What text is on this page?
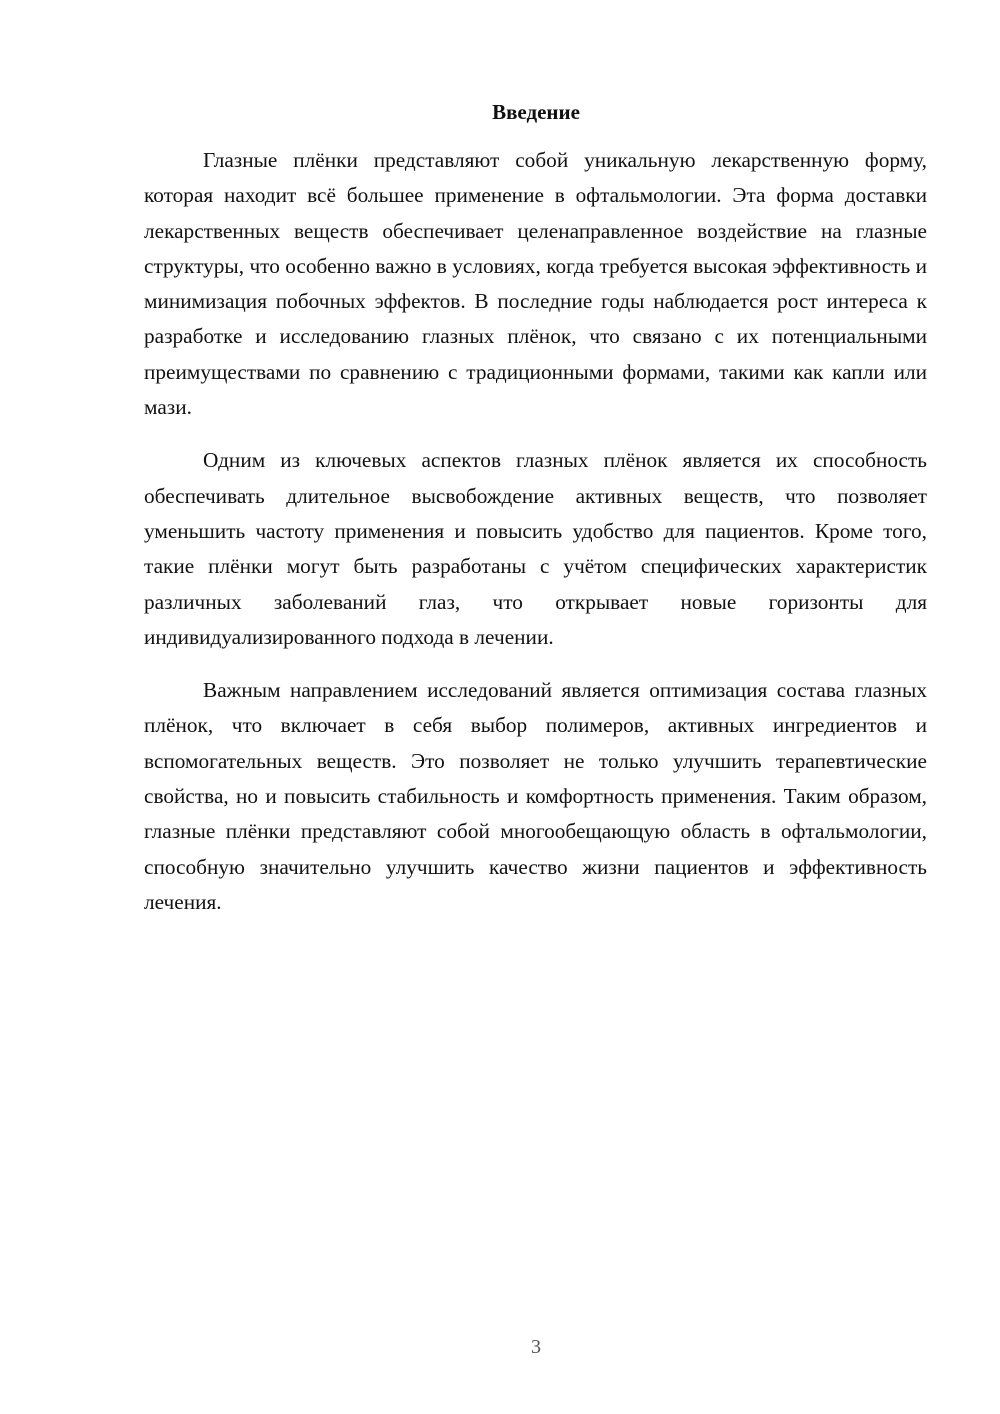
Введение

Глазные плёнки представляют собой уникальную лекарственную форму, которая находит всё большее применение в офтальмологии. Эта форма доставки лекарственных веществ обеспечивает целенаправленное воздействие на глазные структуры, что особенно важно в условиях, когда требуется высокая эффективность и минимизация побочных эффектов. В последние годы наблюдается рост интереса к разработке и исследованию глазных плёнок, что связано с их потенциальными преимуществами по сравнению с традиционными формами, такими как капли или мази.

Одним из ключевых аспектов глазных плёнок является их способность обеспечивать длительное высвобождение активных веществ, что позволяет уменьшить частоту применения и повысить удобство для пациентов. Кроме того, такие плёнки могут быть разработаны с учётом специфических характеристик различных заболеваний глаз, что открывает новые горизонты для индивидуализированного подхода в лечении.

Важным направлением исследований является оптимизация состава глазных плёнок, что включает в себя выбор полимеров, активных ингредиентов и вспомогательных веществ. Это позволяет не только улучшить терапевтические свойства, но и повысить стабильность и комфортность применения. Таким образом, глазные плёнки представляют собой многообещающую область в офтальмологии, способную значительно улучшить качество жизни пациентов и эффективность лечения.

3
